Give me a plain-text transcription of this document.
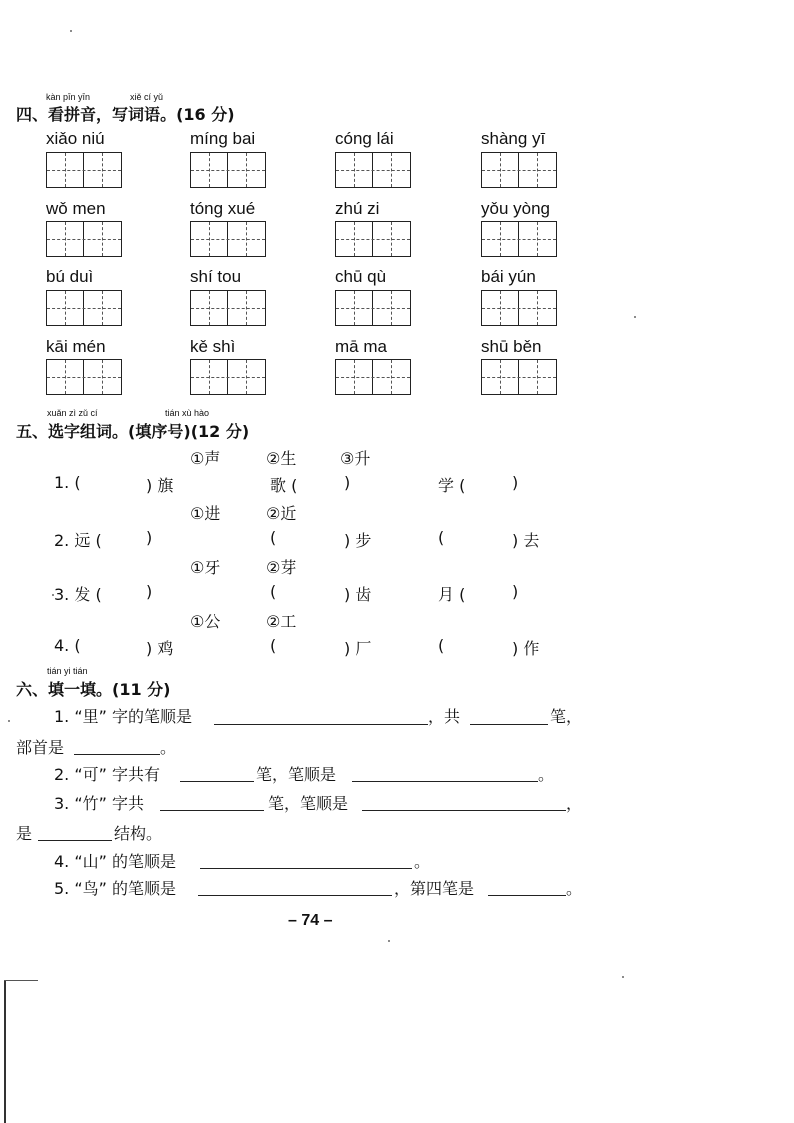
kàn pīn yīn	xiě cí yǔ
四、看拼音，写词语。(16 分)
xiǎo niú	míng bai	cóng lái	shàng yī
wǒ men	tóng xué	zhú zi	yǒu yòng
bú duì	shí tou	chū qù	bái yún
kāi mén	kě shì	mā ma	shū běn
xuǎn zì zǔ cí	tián xù hào
五、选字组词。(填序号)(12 分)
①声	②生	③升
1. (	) 旗	歌 (	)	学 (	)
①进	②近
2. 远 (	)	(	) 步	(	) 去
①牙	②芽
3. 发 (	)	(	) 齿	月 (	)
①公	②工
4. (	) 鸡	(	) 厂	(	) 作
tián yi tián
六、填一填。(11 分)
1. “里” 字的笔顺是	，共	笔，
部首是	。
2. “可” 字共有	笔，笔顺是	。
3. “竹” 字共	笔，笔顺是	，
是	结构。
4. “山” 的笔顺是	。
5. “鸟” 的笔顺是	，第四笔是	。
– 74 –
